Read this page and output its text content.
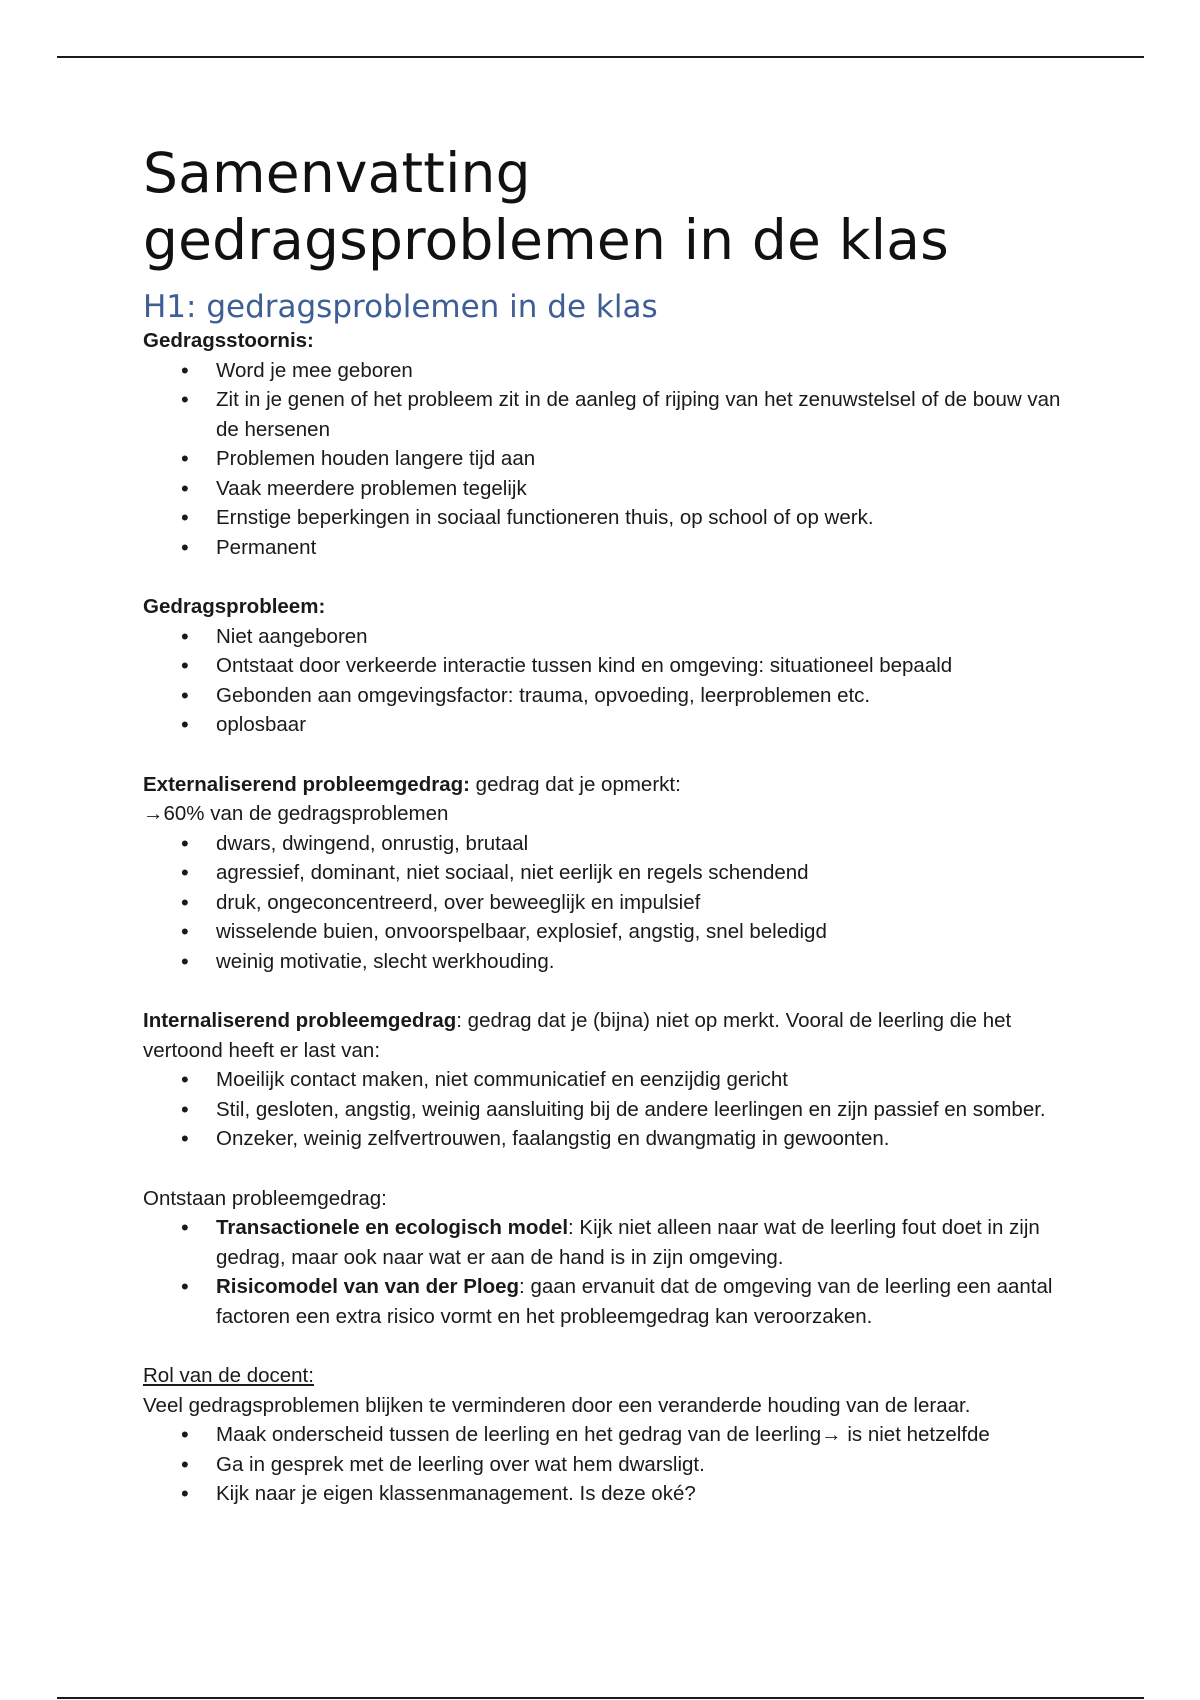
Samenvatting gedragsproblemen in de klas
H1: gedragsproblemen in de klas

Gedragsstoornis:

• Word je mee geboren
• Zit in je genen of het probleem zit in de aanleg of rijping van het zenuwstelsel of de bouw van de hersenen
• Problemen houden langere tijd aan
• Vaak meerdere problemen tegelijk
• Ernstige beperkingen in sociaal functioneren thuis, op school of op werk.
• Permanent

Gedragsprobleem:

• Niet aangeboren
• Ontstaat door verkeerde interactie tussen kind en omgeving: situationeel bepaald
• Gebonden aan omgevingsfactor: trauma, opvoeding, leerproblemen etc.
• oplosbaar

Externaliserend probleemgedrag: gedrag dat je opmerkt:

→60% van de gedragsproblemen

• dwars, dwingend, onrustig, brutaal
• agressief, dominant, niet sociaal, niet eerlijk en regels schendend
• druk, ongeconcentreerd, over beweeglijk en impulsief
• wisselende buien, onvoorspelbaar, explosief, angstig, snel beledigd
• weinig motivatie, slecht werkhouding.

Internaliserend probleemgedrag: gedrag dat je (bijna) niet op merkt. Vooral de leerling die het vertoond heeft er last van:

• Moeilijk contact maken, niet communicatief en eenzijdig gericht
• Stil, gesloten, angstig, weinig aansluiting bij de andere leerlingen en zijn passief en somber.
• Onzeker, weinig zelfvertrouwen, faalangstig en dwangmatig in gewoonten.

Ontstaan probleemgedrag:

• Transactionele en ecologisch model: Kijk niet alleen naar wat de leerling fout doet in zijn gedrag, maar ook naar wat er aan de hand is in zijn omgeving.
• Risicomodel van van der Ploeg: gaan ervanuit dat de omgeving van de leerling een aantal factoren een extra risico vormt en het probleemgedrag kan veroorzaken.

Rol van de docent:

Veel gedragsproblemen blijken te verminderen door een veranderde houding van de leraar.

• Maak onderscheid tussen de leerling en het gedrag van de leerling→ is niet hetzelfde
• Ga in gesprek met de leerling over wat hem dwarsligt.
• Kijk naar je eigen klassenmanagement. Is deze oké?
